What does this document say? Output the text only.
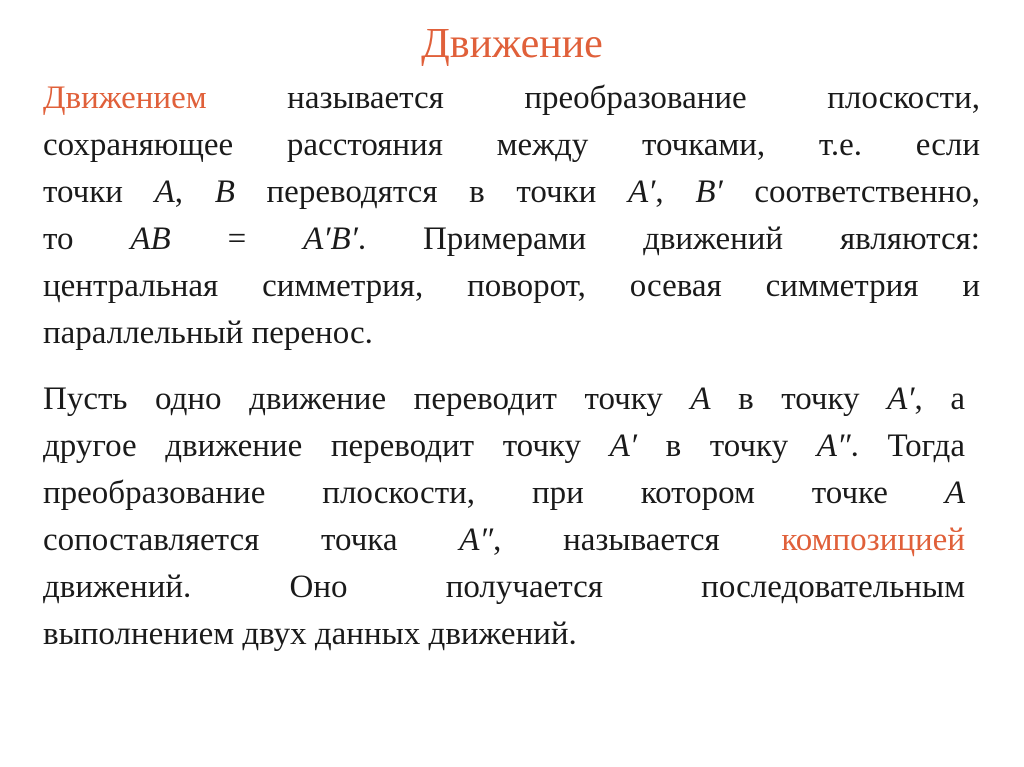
Движение
Движением называется преобразование плоскости,
сохраняющее расстояния между точками, т.е. если
точки A, B переводятся в точки A′, B′ соответственно,
то AB = A′B′. Примерами движений являются:
центральная симметрия, поворот, осевая симметрия и
параллельный перенос.
Пусть одно движение переводит точку A в точку A′, а
другое движение переводит точку A′ в точку A″. Тогда
преобразование плоскости, при котором точке A
сопоставляется точка A″, называется композицией
движений. Оно получается последовательным
выполнением двух данных движений.
